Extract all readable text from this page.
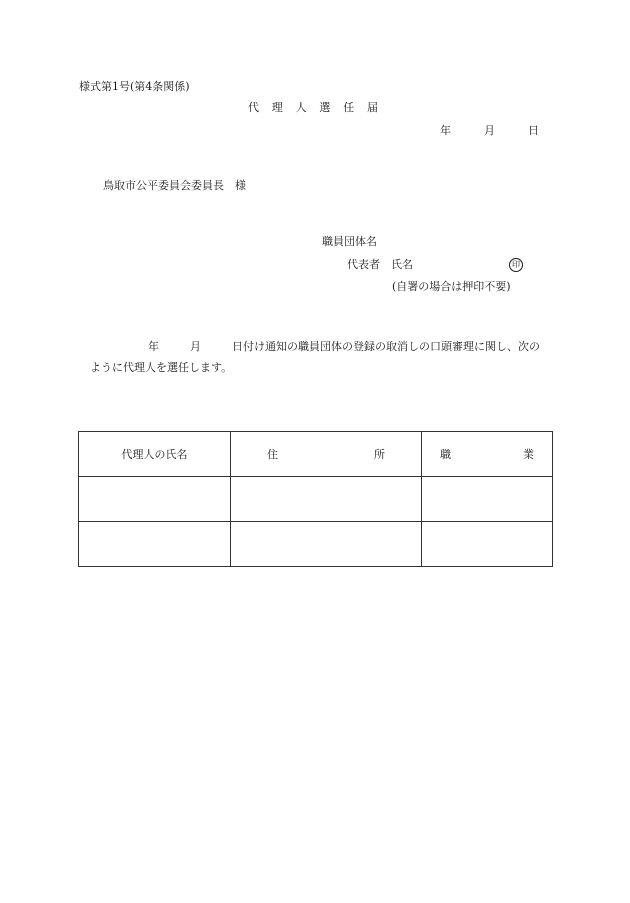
様式第1号(第4条関係)
代 理 人 選 任 届
年	月	日
鳥取市公平委員会委員長　様
職員団体名
代表者　氏名	印
(自署の場合は押印不要)
年	月	日付け通知の職員団体の登録の取消しの口頭審理に関し、次の
ように代理人を選任します。
代理人の氏名	住 所	職 業
